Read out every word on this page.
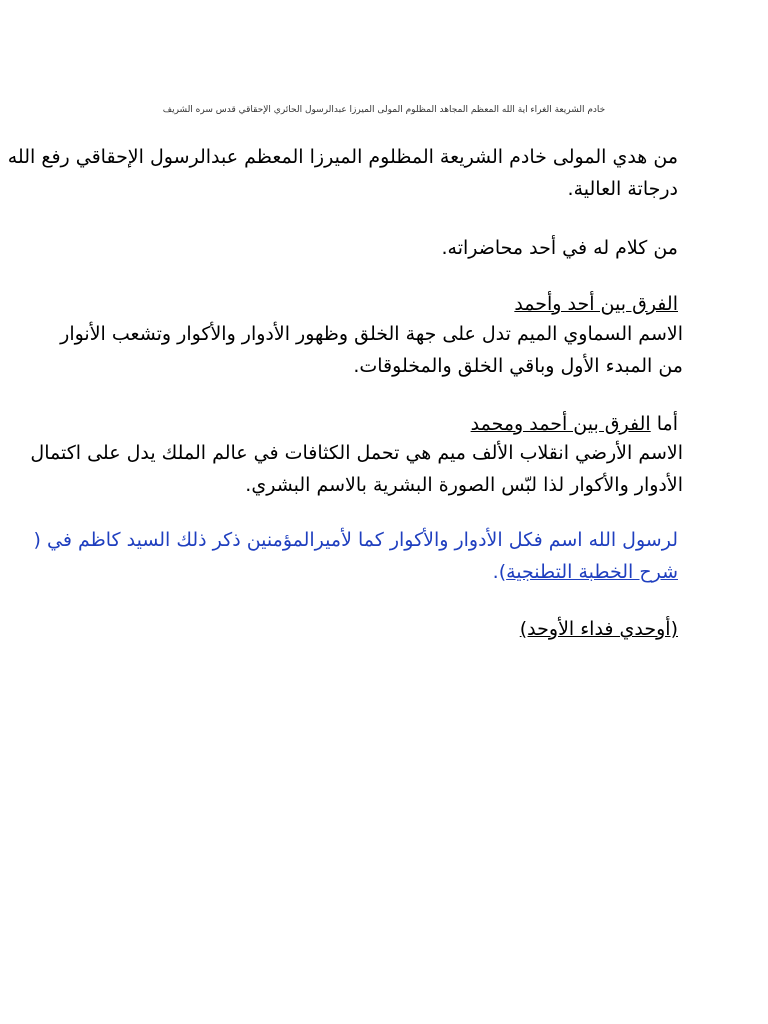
خادم الشريعة الغراء آية الله المعظم المجاهد المظلوم المولى الميرزا عبدالرسول الحائري الإحقاقي قدس سره الشريف

من هدي المولى خادم الشريعة المظلوم الميرزا المعظم عبدالرسول الإحقاقي رفع الله
درجاتة العالية.

من كلام له في أحد محاضراته.

الفرق بين أحد وأحمد

الاسم السماوي الميم تدل على جهة الخلق وظهور الأدوار والأكوار وتشعب الأنوار
من المبدء الأول وباقي الخلق والمخلوقات.

أما الفرق بين أحمد ومحمد

الاسم الأرضي انقلاب الألف ميم هي تحمل الكثافات في عالم الملك يدل على اكتمال
الأدوار والأكوار لذا لبّس الصورة البشرية بالاسم البشري.

لرسول الله اسم فكل الأدوار والأكوار كما لأميرالمؤمنين ذكر ذلك السيد كاظم في (
شرح الخطبة التطنجية).

(أوحدي فداء الأوحد)
